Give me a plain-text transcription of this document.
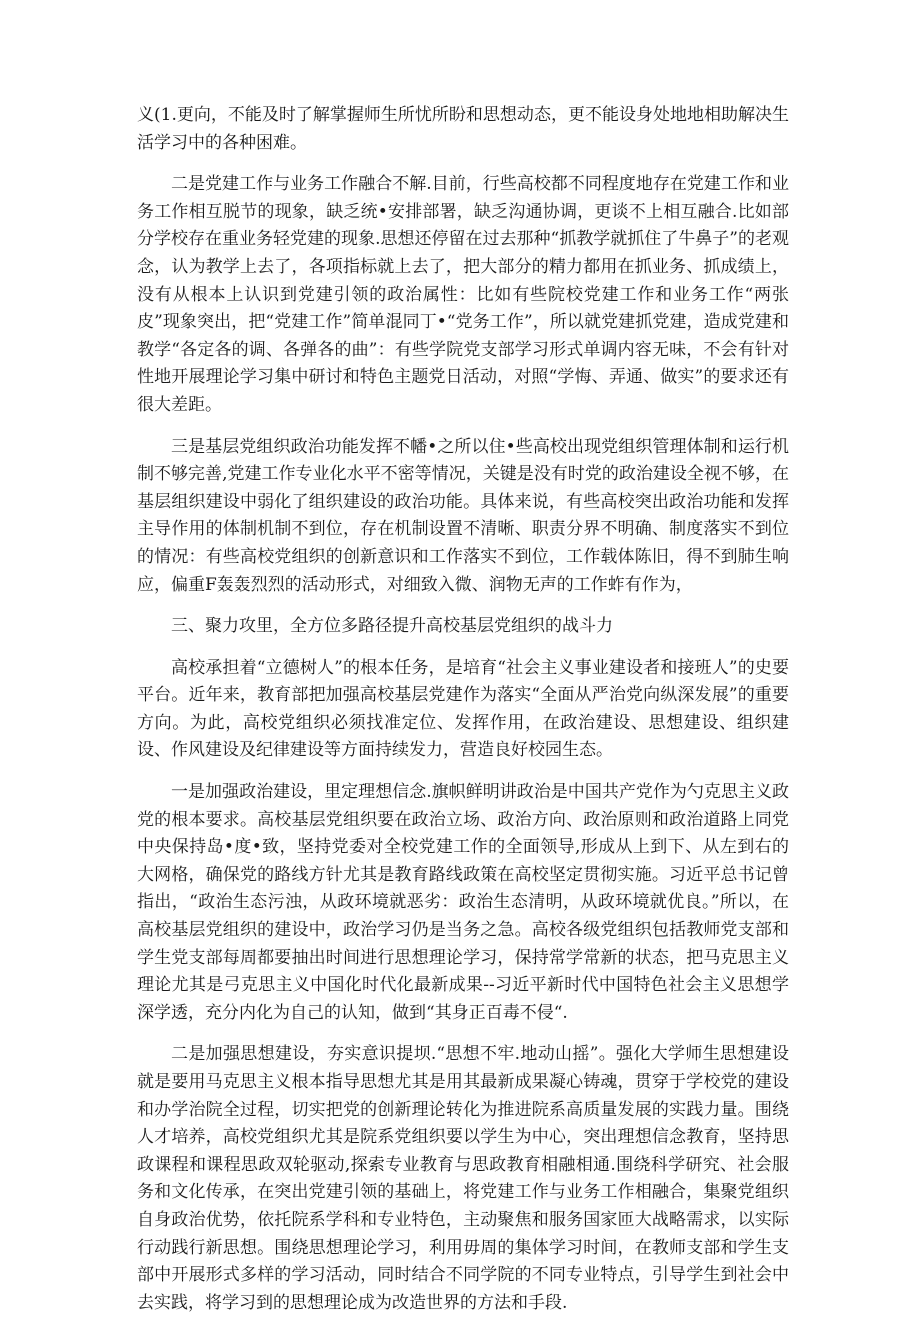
义(1.更向，不能及时了解掌握师生所忧所盼和思想动态，更不能设身处地地相助解决生活学习中的各种困难。

二是党建工作与业务工作融合不解.目前，行些高校都不同程度地存在党建工作和业务工作相互脱节的现象，缺乏统•安排部署，缺乏沟通协调，更谈不上相互融合.比如部分学校存在重业务轻党建的现象.思想还停留在过去那种“抓教学就抓住了牛鼻子”的老观念，认为教学上去了，各项指标就上去了，把大部分的精力都用在抓业务、抓成绩上，没有从根本上认识到党建引领的政治属性：比如有些院校党建工作和业务工作“两张皮”现象突出，把“党建工作”简单混同丁•“党务工作”，所以就党建抓党建，造成党建和教学“各定各的调、各弹各的曲”：有些学院党支部学习形式单调内容无味，不会有针对性地开展理论学习集中研讨和特色主题党日活动，对照“学悔、弄通、做实”的要求还有很大差距。

三是基层党组织政治功能发挥不幡•之所以住•些高校出现党组织管理体制和运行机制不够完善,党建工作专业化水平不密等情况，关键是没有时党的政治建设全视不够，在基层组织建设中弱化了组织建设的政治功能。具体来说，有些高校突出政治功能和发挥主导作用的体制机制不到位，存在机制设置不清晰、职责分界不明确、制度落实不到位的情况：有些高校党组织的创新意识和工作落实不到位，工作载体陈旧，得不到肺生响应，偏重F轰轰烈烈的活动形式，对细致入微、润物无声的工作蚱有作为，

三、聚力攻里，全方位多路径提升高校基层党组织的战斗力

高校承担着“立德树人”的根本任务，是培育“社会主义事业建设者和接班人”的史要平台。近年来，教育部把加强高校基层党建作为落实“全面从严治党向纵深发展”的重要方向。为此，高校党组织必须找准定位、发挥作用，在政治建设、思想建设、组织建设、作风建设及纪律建设等方面持续发力，营造良好校园生态。

一是加强政治建设，里定理想信念.旗帜鲜明讲政治是中国共产党作为勺克思主义政党的根本要求。高校基层党组织要在政治立场、政治方向、政治原则和政治道路上同党中央保持岛•度•致，坚持党委对全校党建工作的全面领导,形成从上到下、从左到右的大网格，确保党的路线方针尤其是教育路线政策在高校坚定贯彻实施。习近平总书记曾指出，“政治生态污浊，从政环境就恶劣：政治生态清明，从政环境就优良。”所以，在高校基层党组织的建设中，政治学习仍是当务之急。高校各级党组织包括教师党支部和学生党支部每周都要抽出时间进行思想理论学习，保持常学常新的状态，把马克思主义理论尤其是弓克思主义中国化时代化最新成果--习近平新时代中国特色社会主义思想学深学透，充分内化为自己的认知，做到“其身正百毒不侵“.

二是加强思想建设，夯实意识提坝.“思想不牢.地动山摇”。强化大学师生思想建设就是要用马克思主义根本指导思想尤其是用其最新成果凝心铸魂，贯穿于学校党的建设和办学治院全过程，切实把党的创新理论转化为推进院系高质量发展的实践力量。围绕人才培养，高校党组织尤其是院系党组织要以学生为中心，突出理想信念教育，坚持思政课程和课程思政双轮驱动,探索专业教育与思政教育相融相通.围绕科学研究、社会服务和文化传承，在突出党建引领的基础上，将党建工作与业务工作相融合，集聚党组织自身政治优势，依托院系学科和专业特色，主动聚焦和服务国家匝大战略需求，以实际行动践行新思想。围绕思想理论学习，利用毋周的集体学习时间，在教师支部和学生支部中开展形式多样的学习活动，同时结合不同学院的不同专业特点，引导学生到社会中去实践，将学习到的思想理论成为改造世界的方法和手段.
